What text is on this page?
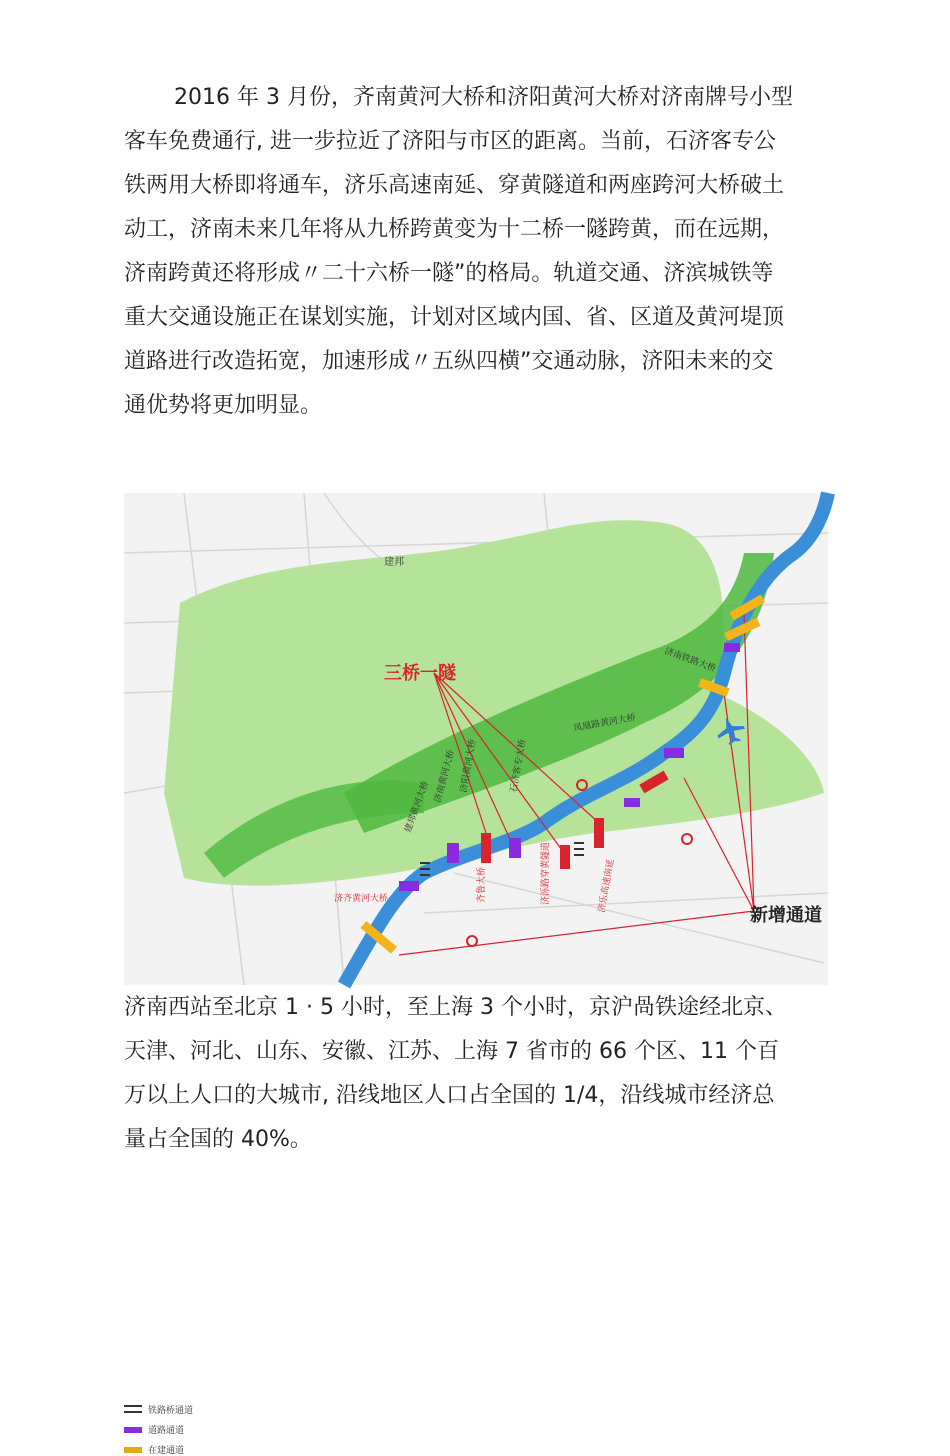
2016 年 3 月份，齐南黄河大桥和济阳黄河大桥对济南牌号小型
客车免费通行, 进一步拉近了济阳与市区的距离。当前，石济客专公
铁两用大桥即将通车，济乐高速南延、穿黄隧道和两座跨河大桥破土
动工，济南未来几年将从九桥跨黄变为十二桥一隧跨黄，而在远期，
济南跨黄还将形成〃二十六桥一隧”的格局。轨道交通、济滨城铁等
重大交通设施正在谋划实施，计划对区域内国、省、区道及黄河堤顶
道路进行改造拓宽，加速形成〃五纵四横”交通动脉，济阳未来的交
通优势将更加明显。
建邦
三桥一隧
新增通道
济齐黄河大桥
建邦黄河大桥
济南黄河大桥 济阳黄河大桥	石济客专大桥
济泺路穿黄隧道
齐鲁大桥	济乐高速南延
凤凰路黄河大桥
济南铁路大桥
铁路桥通道
道路通道
在建通道
济南西站至北京 1 · 5 小时，至上海 3 个小时，京沪咼铁途经北京、
天津、河北、山东、安徽、江苏、上海 7 省市的 66 个区、11 个百
万以上人口的大城市, 沿线地区人口占全国的 1/4，沿线城市经济总
量占全国的 40%。
